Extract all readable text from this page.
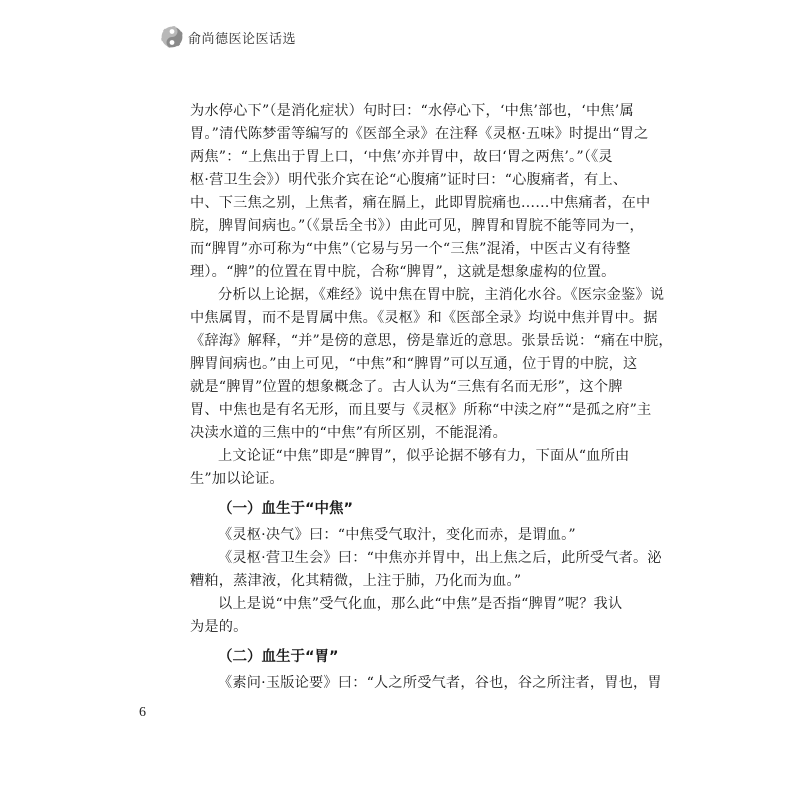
俞尚德医论医话选
为水停心下”（是消化症状）句时曰：“水停心下，‘中焦’部也，‘中焦’属
胃。”清代陈梦雷等编写的《医部全录》在注释《灵枢·五味》时提出“胃之
两焦”：“上焦出于胃上口，‘中焦’亦并胃中，故曰‘胃之两焦’。”（《灵
枢·营卫生会》）明代张介宾在论“心腹痛”证时曰：“心腹痛者，有上、
中、下三焦之别，上焦者，痛在膈上，此即胃脘痛也……中焦痛者，在中
脘，脾胃间病也。”（《景岳全书》）由此可见，脾胃和胃脘不能等同为一，
而“脾胃”亦可称为“中焦”（它易与另一个“三焦”混淆，中医古义有待整
理）。“脾”的位置在胃中脘，合称“脾胃”，这就是想象虚构的位置。
分析以上论据，《难经》说中焦在胃中脘，主消化水谷。《医宗金鉴》说
中焦属胃，而不是胃属中焦。《灵枢》和《医部全录》均说中焦并胃中。据
《辞海》解释，“并”是傍的意思，傍是靠近的意思。张景岳说：“痛在中脘，
脾胃间病也。”由上可见，“中焦”和“脾胃”可以互通，位于胃的中脘，这
就是“脾胃”位置的想象概念了。古人认为“三焦有名而无形”，这个脾
胃、中焦也是有名无形，而且要与《灵枢》所称“中渎之府”“是孤之府”主
决渎水道的三焦中的“中焦”有所区别，不能混淆。
上文论证“中焦”即是“脾胃”，似乎论据不够有力，下面从“血所由
生”加以论证。
（一）血生于“中焦”
《灵枢·决气》曰：“中焦受气取汁，变化而赤，是谓血。”
《灵枢·营卫生会》曰：“中焦亦并胃中，出上焦之后，此所受气者。泌
糟粕，蒸津液，化其精微，上注于肺，乃化而为血。”
以上是说“中焦”受气化血，那么此“中焦”是否指“脾胃”呢？我认
为是的。
（二）血生于“胃”
《素问·玉版论要》曰：“人之所受气者，谷也，谷之所注者，胃也，胃
6
